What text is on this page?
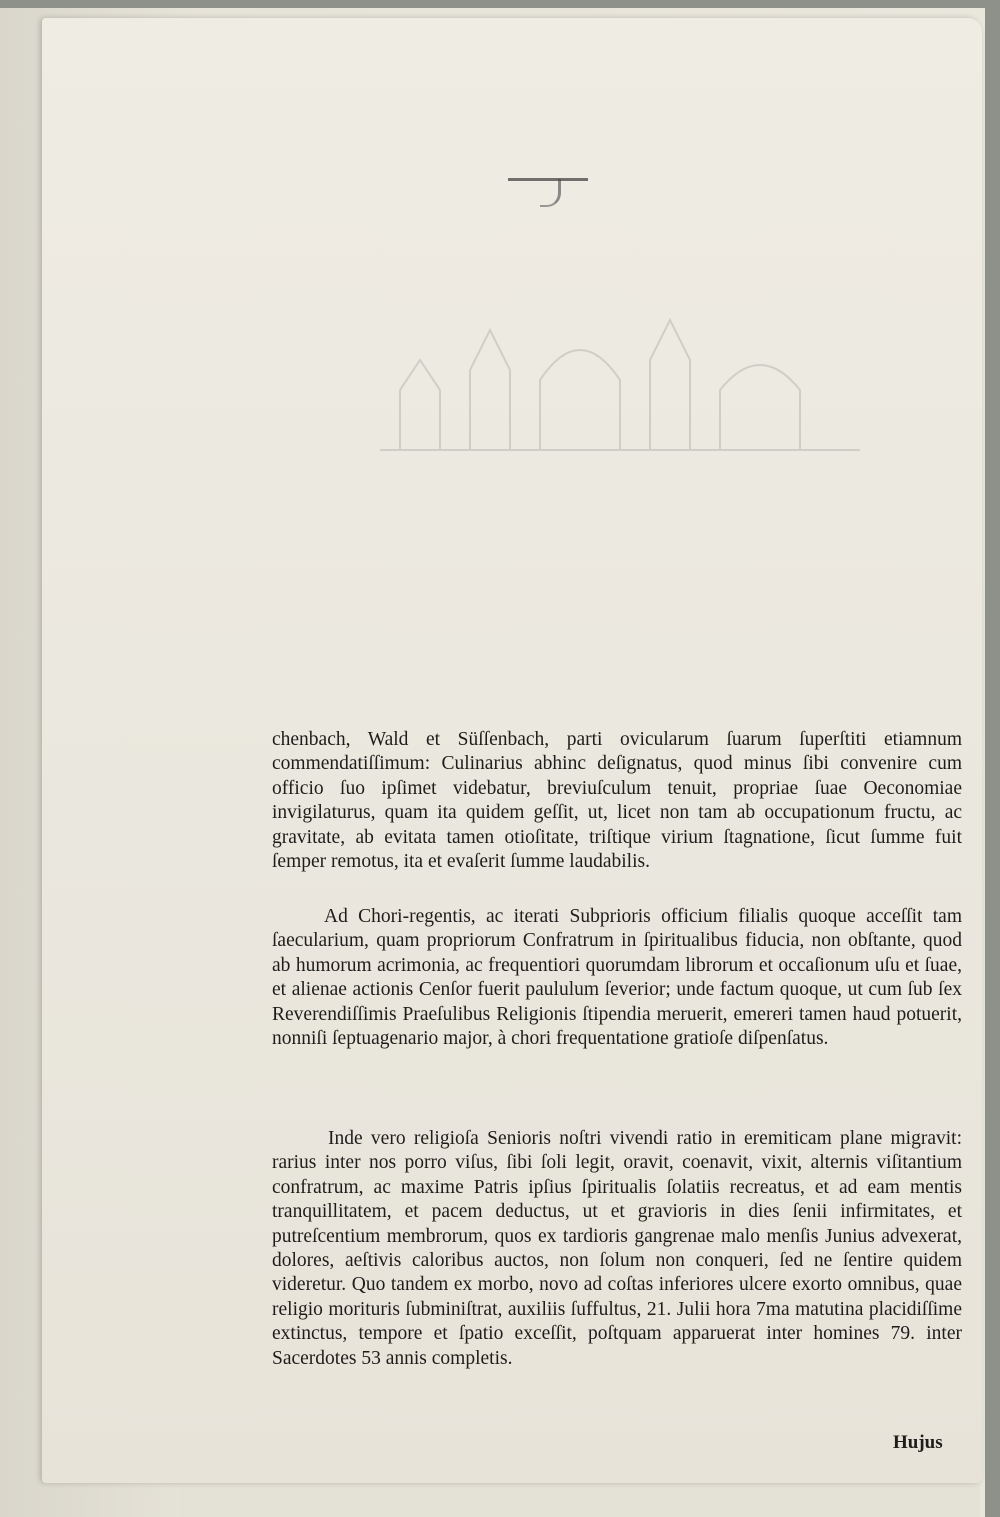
chenbach, Wald et Süſſenbach, parti ovicularum ſuarum ſuperſtiti etiamnum commendatiſſimum: Culinarius abhinc deſignatus, quod minus ſibi convenire cum officio ſuo ipſimet videbatur, breviuſculum tenuit, propriae ſuae Oeconomiae invigilaturus, quam ita quidem geſſit, ut, licet non tam ab occupationum fructu, ac gravitate, ab evitata tamen otioſitate, triſtique virium ſtagnatione, ſicut ſumme fuit ſemper remotus, ita et evaſerit ſumme laudabilis.

Ad Chori-regentis, ac iterati Subprioris officium filialis quoque acceſſit tam ſaecularium, quam propriorum Confratrum in ſpiritualibus fiducia, non obſtante, quod ab humorum acrimonia, ac frequentiori quorumdam librorum et occaſionum uſu et ſuae, et alienae actionis Cenſor fuerit paululum ſeverior; unde factum quoque, ut cum ſub ſex Reverendiſſimis Praeſulibus Religionis ſtipendia meruerit, emereri tamen haud potuerit, nonniſi ſeptuagenario major, à chori frequentatione gratioſe diſpenſatus.

Inde vero religioſa Senioris noſtri vivendi ratio in eremiticam plane migravit: rarius inter nos porro viſus, ſibi ſoli legit, oravit, coenavit, vixit, alternis viſitantium confratrum, ac maxime Patris ipſius ſpiritualis ſolatiis recreatus, et ad eam mentis tranquillitatem, et pacem deductus, ut et gravioris in dies ſenii infirmitates, et putreſcentium membrorum, quos ex tardioris gangrenae malo menſis Junius advexerat, dolores, aeſtivis caloribus auctos, non ſolum non conqueri, ſed ne ſentire quidem videretur. Quo tandem ex morbo, novo ad coſtas inferiores ulcere exorto omnibus, quae religio morituris ſubminiſtrat, auxiliis ſuffultus, 21. Julii hora 7ma matutina placidiſſime extinctus, tempore et ſpatio exceſſit, poſtquam apparuerat inter homines 79. inter Sacerdotes 53 annis completis.

Hujus
